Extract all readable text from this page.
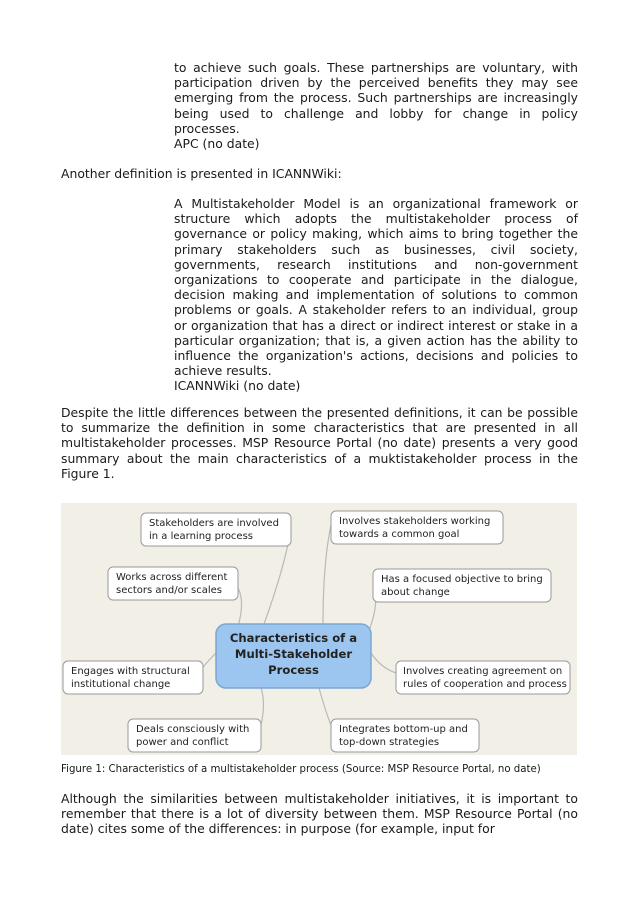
to achieve such goals. These partnerships are voluntary, with participation driven by the perceived benefits they may see emerging from the process. Such partnerships are increasingly being used to challenge and lobby for change in policy processes.
APC (no date)

Another definition is presented in ICANNWiki:

A Multistakeholder Model is an organizational framework or structure which adopts the multistakeholder process of governance or policy making, which aims to bring together the primary stakeholders such as businesses, civil society, governments, research institutions and non-government organizations to cooperate and participate in the dialogue, decision making and implementation of solutions to common problems or goals. A stakeholder refers to an individual, group or organization that has a direct or indirect interest or stake in a particular organization; that is, a given action has the ability to influence the organization's actions, decisions and policies to achieve results.
ICANNWiki (no date)

Despite the little differences between the presented definitions, it can be possible to summarize the definition in some characteristics that are presented in all multistakeholder processes. MSP Resource Portal (no date) presents a very good summary about the main characteristics of a muktistakeholder process in the Figure 1.

Stakeholders are involved
in a learning process
Involves stakeholders working
towards a common goal
Works across different
sectors and/or scales
Has a focused objective to bring
about change
Characteristics of a
Multi-Stakeholder
Process
Engages with structural
institutional change
Involves creating agreement on
rules of cooperation and process
Deals consciously with
power and conflict
Integrates bottom-up and
top-down strategies

Figure 1: Characteristics of a multistakeholder process (Source: MSP Resource Portal, no date)

Although the similarities between multistakeholder initiatives, it is important to remember that there is a lot of diversity between them. MSP Resource Portal (no date) cites some of the differences: in purpose (for example, input for
